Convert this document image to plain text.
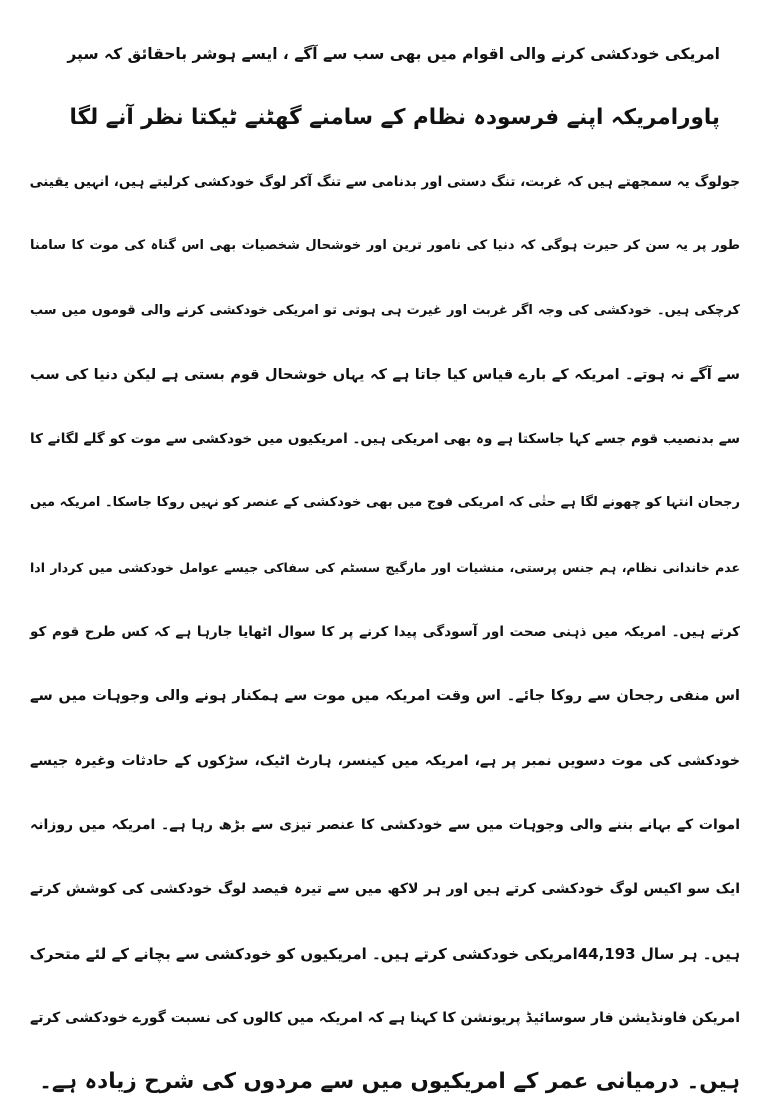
امریکی خودکشی کرنے والی اقوام میں بھی سب سے آگے ، ایسے ہوشر باحقائق کہ سپر
پاورامریکہ اپنے فرسودہ نظام کے سامنے گھٹنے ٹیکتا نظر آنے لگا
جولوگ یہ سمجھتے ہیں کہ غربت، تنگ دستی اور بدنامی سے تنگ آکر لوگ خودکشی کرلیتے ہیں، انہیں یقینی
طور پر یہ سن کر حیرت ہوگی کہ دنیا کی نامور ترین اور خوشحال شخصیات بھی اس گناہ کی موت کا سامنا
کرچکی ہیں۔ خودکشی کی وجہ اگر غربت اور غیرت ہی ہوتی تو امریکی خودکشی کرنے والی قوموں میں سب
سے آگے نہ ہوتے۔ امریکہ کے بارے قیاس کیا جاتا ہے کہ یہاں خوشحال قوم بستی ہے لیکن دنیا کی سب
سے بدنصیب قوم جسے کہا جاسکتا ہے وہ بھی امریکی ہیں۔ امریکیوں میں خودکشی سے موت کو گلے لگانے کا
رجحان انتہا کو چھونے لگا ہے حتٰی کہ امریکی فوج میں بھی خودکشی کے عنصر کو نہیں روکا جاسکا۔ امریکہ میں
عدم خاندانی نظام، ہم جنس پرستی، منشیات اور مارگیج سسٹم کی سفاکی جیسے عوامل خودکشی میں کردار ادا
کرتے ہیں۔ امریکہ میں ذہنی صحت اور آسودگی پیدا کرنے پر کا سوال اٹھایا جارہا ہے کہ کس طرح قوم کو
اس منفی رجحان سے روکا جائے۔ اس وقت امریکہ میں موت سے ہمکنار ہونے والی وجوہات میں سے
خودکشی کی موت دسویں نمبر پر ہے، امریکہ میں کینسر، ہارٹ اٹیک، سڑکوں کے حادثات وغیرہ جیسے
اموات کے بہانے بننے والی وجوہات میں سے خودکشی کا عنصر تیزی سے بڑھ رہا ہے۔ امریکہ میں روزانہ
ایک سو اکیس لوگ خودکشی کرتے ہیں اور ہر لاکھ میں سے تیرہ فیصد لوگ خودکشی کی کوشش کرتے
ہیں۔ ہر سال 44,193امریکی خودکشی کرتے ہیں۔ امریکیوں کو خودکشی سے بچانے کے لئے متحرک
امریکن فاونڈیشن فار سوسائیڈ پریونشن کا کہنا ہے کہ امریکہ میں کالوں کی نسبت گورے خودکشی کرتے
ہیں۔ درمیانی عمر کے امریکیوں میں سے مردوں کی شرح زیادہ ہے۔
